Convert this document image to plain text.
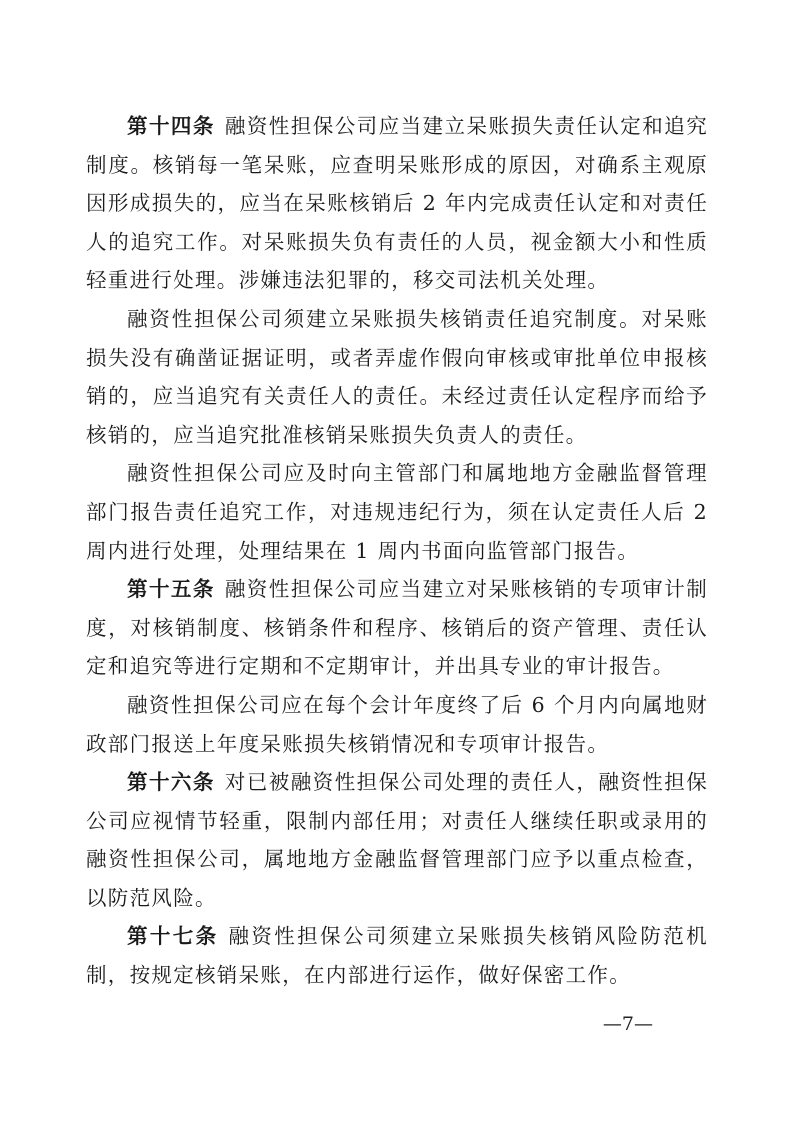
第十四条 融资性担保公司应当建立呆账损失责任认定和追究制度。核销每一笔呆账，应查明呆账形成的原因，对确系主观原因形成损失的，应当在呆账核销后 2 年内完成责任认定和对责任人的追究工作。对呆账损失负有责任的人员，视金额大小和性质轻重进行处理。涉嫌违法犯罪的，移交司法机关处理。

融资性担保公司须建立呆账损失核销责任追究制度。对呆账损失没有确凿证据证明，或者弄虚作假向审核或审批单位申报核销的，应当追究有关责任人的责任。未经过责任认定程序而给予核销的，应当追究批准核销呆账损失负责人的责任。

融资性担保公司应及时向主管部门和属地地方金融监督管理部门报告责任追究工作，对违规违纪行为，须在认定责任人后 2 周内进行处理，处理结果在 1 周内书面向监管部门报告。

第十五条 融资性担保公司应当建立对呆账核销的专项审计制度，对核销制度、核销条件和程序、核销后的资产管理、责任认定和追究等进行定期和不定期审计，并出具专业的审计报告。

融资性担保公司应在每个会计年度终了后 6 个月内向属地财政部门报送上年度呆账损失核销情况和专项审计报告。

第十六条 对已被融资性担保公司处理的责任人，融资性担保公司应视情节轻重，限制内部任用；对责任人继续任职或录用的融资性担保公司，属地地方金融监督管理部门应予以重点检查，以防范风险。

第十七条 融资性担保公司须建立呆账损失核销风险防范机制，按规定核销呆账，在内部进行运作，做好保密工作。

—7—
